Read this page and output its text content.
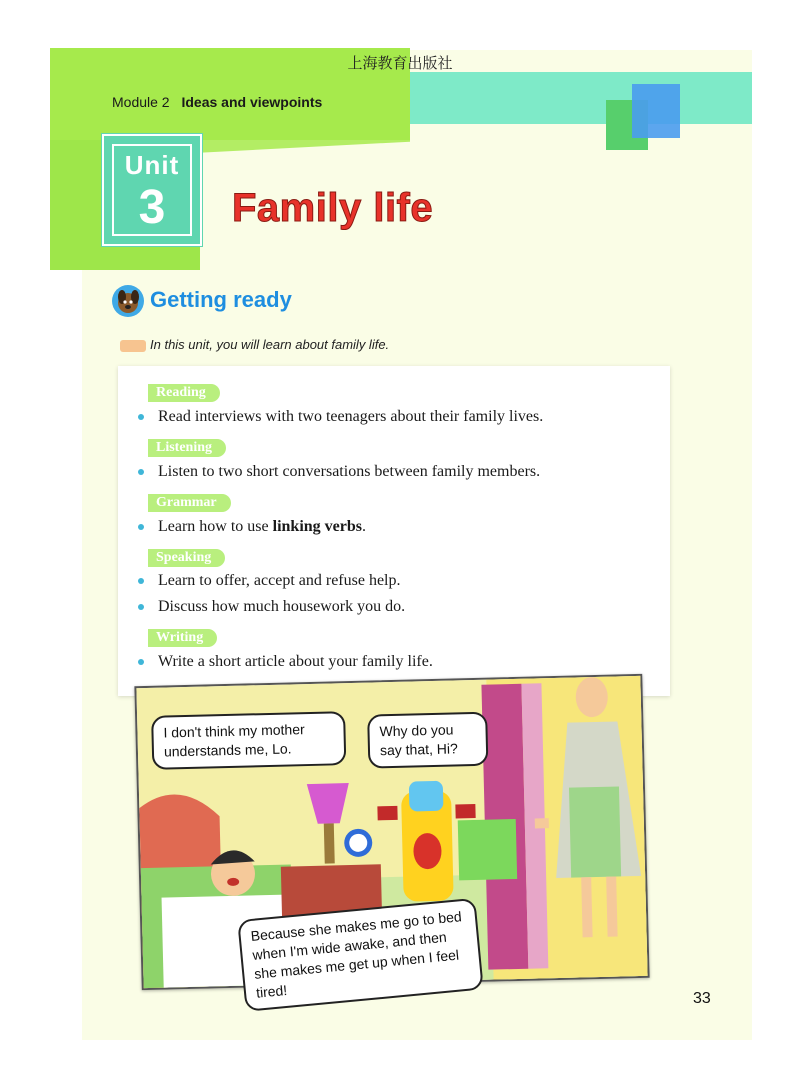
上海教育出版社
Module 2 Ideas and viewpoints
Unit
3	Family life
Getting ready
In this unit, you will learn about family life.
Reading
Read interviews with two teenagers about their family lives.
Listening
Listen to two short conversations between family members.
Grammar
Learn how to use linking verbs.
Speaking
Learn to offer, accept and refuse help.
Discuss how much housework you do.
Writing
Write a short article about your family life.
I don't think my mother understands me, Lo.
Why do you say that, Hi?
Because she makes me go to bed when I'm wide awake, and then she makes me get up when I feel tired!	33
